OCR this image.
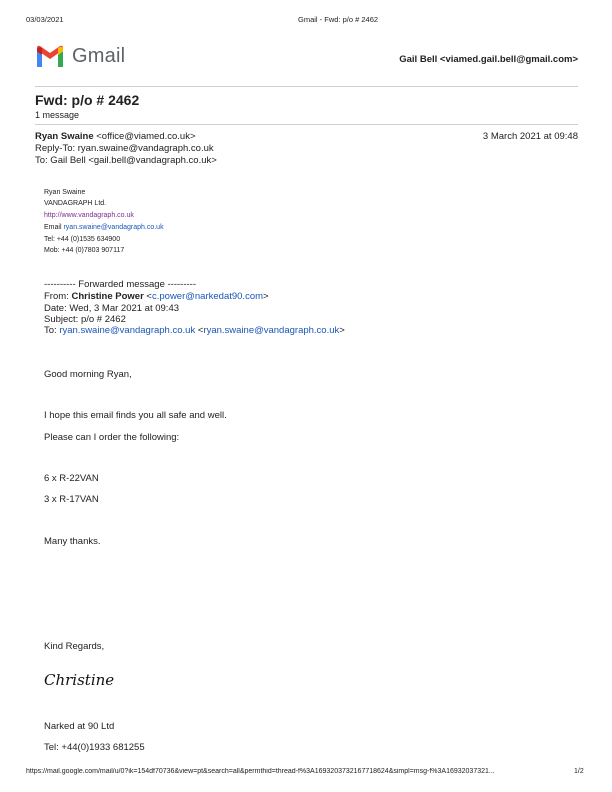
03/03/2021	Gmail - Fwd: p/o # 2462
Gmail	Gail Bell <viamed.gail.bell@gmail.com>
Fwd: p/o # 2462
1 message
Ryan Swaine <office@viamed.co.uk>	3 March 2021 at 09:48
Reply-To: ryan.swaine@vandagraph.co.uk
To: Gail Bell <gail.bell@vandagraph.co.uk>
Ryan Swaine
VANDAGRAPH Ltd.
http://www.vandagraph.co.uk
Email ryan.swaine@vandagraph.co.uk
Tel: +44 (0)1535 634900
Mob: +44 (0)7803 907117
---------- Forwarded message ---------
From: Christine Power <c.power@narkedat90.com>
Date: Wed, 3 Mar 2021 at 09:43
Subject: p/o # 2462
To: ryan.swaine@vandagraph.co.uk <ryan.swaine@vandagraph.co.uk>
Good morning Ryan,
I hope this email finds you all safe and well.
Please can I order the following:
6 x R-22VAN
3 x R-17VAN
Many thanks.
Kind Regards,
Christine
Narked at 90 Ltd
Tel: +44(0)1933 681255
https://mail.google.com/mail/u/0?ik=154df70736&view=pt&search=all&permthid=thread-f%3A1693203732167718624&simpl=msg-f%3A16932037321...	1/2
